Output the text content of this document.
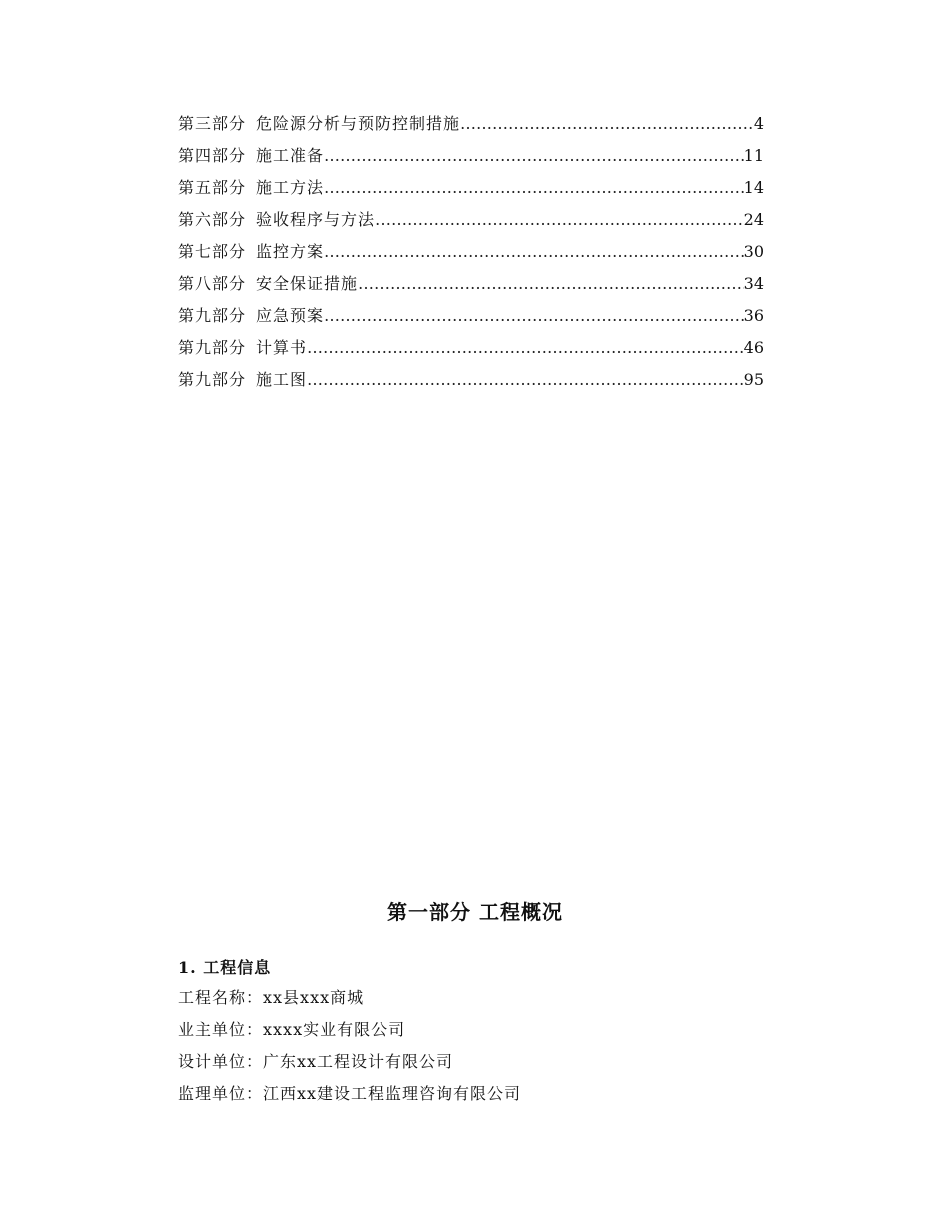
第三部分 危险源分析与预防控制措施 …………………………………………………………………………………………………………………………………………………	4
第四部分 施工准备 …………………………………………………………………………………………………………………………………………………	11
第五部分 施工方法 …………………………………………………………………………………………………………………………………………………	14
第六部分 验收程序与方法 …………………………………………………………………………………………………………………………………………………	24
第七部分 监控方案 …………………………………………………………………………………………………………………………………………………	30
第八部分 安全保证措施 …………………………………………………………………………………………………………………………………………………	34
第九部分 应急预案 …………………………………………………………………………………………………………………………………………………	36
第九部分 计算书 …………………………………………………………………………………………………………………………………………………	46
第九部分 施工图 …………………………………………………………………………………………………………………………………………………	95
第一部分 工程概况
1. 工程信息
工程名称：xx县xxx商城
业主单位：xxxx实业有限公司
设计单位：广东xx工程设计有限公司
监理单位：江西xx建设工程监理咨询有限公司
